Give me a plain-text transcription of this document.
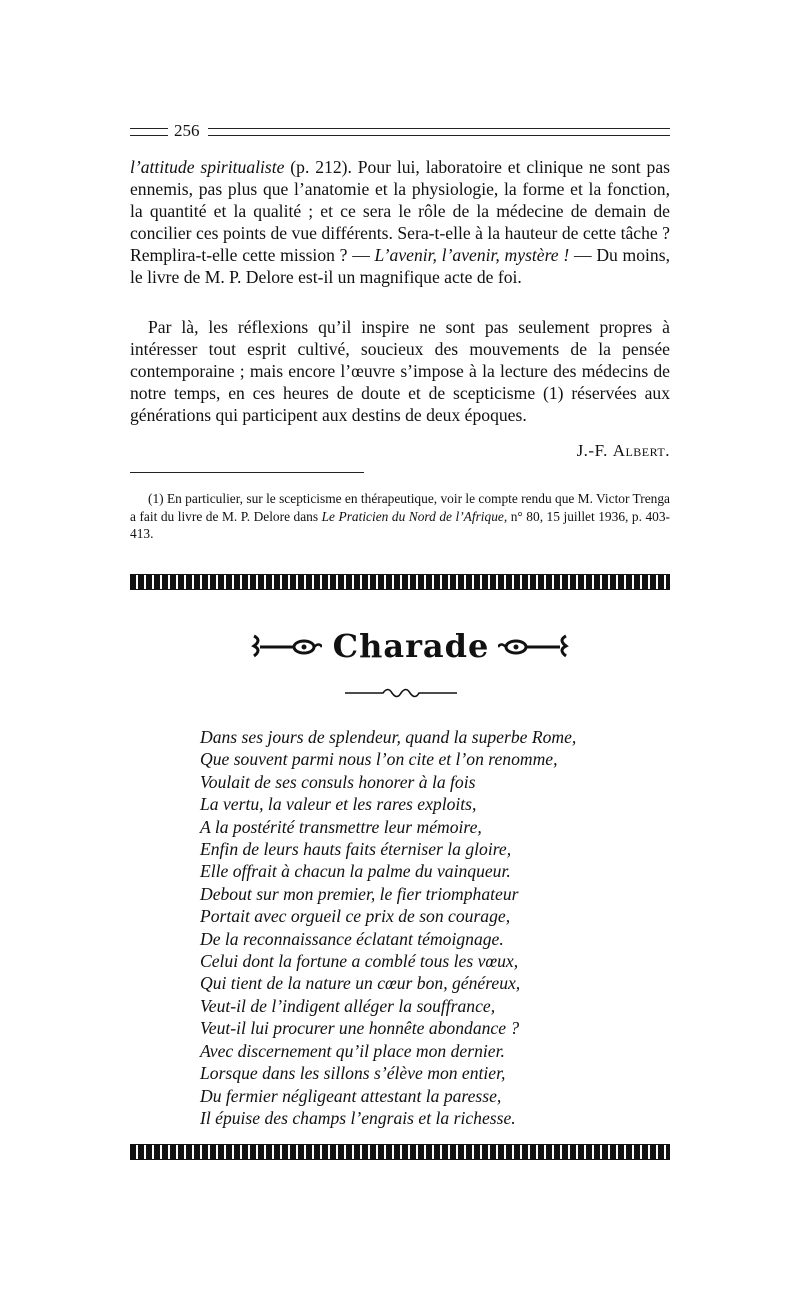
256

l’attitude spiritualiste (p. 212). Pour lui, laboratoire et clinique ne sont pas ennemis, pas plus que l’anatomie et la physiologie, la forme et la fonction, la quantité et la qualité ; et ce sera le rôle de la médecine de demain de concilier ces points de vue différents. Sera-t-elle à la hauteur de cette tâche ? Remplira-t-elle cette mission ? — L’avenir, l’avenir, mystère ! — Du moins, le livre de M. P. Delore est-il un magnifique acte de foi.

Par là, les réflexions qu’il inspire ne sont pas seulement propres à intéresser tout esprit cultivé, soucieux des mouvements de la pensée contemporaine ; mais encore l’œuvre s’impose à la lecture des médecins de notre temps, en ces heures de doute et de scepticisme (1) réservées aux générations qui participent aux destins de deux époques.

J.-F. Albert.

(1) En particulier, sur le scepticisme en thérapeutique, voir le compte rendu que M. Victor Trenga a fait du livre de M. P. Delore dans Le Praticien du Nord de l’Afrique, n° 80, 15 juillet 1936, p. 403-413.

Charade
Dans ses jours de splendeur, quand la superbe Rome,
Que souvent parmi nous l’on cite et l’on renomme,
Voulait de ses consuls honorer à la fois
La vertu, la valeur et les rares exploits,
A la postérité transmettre leur mémoire,
Enfin de leurs hauts faits éterniser la gloire,
Elle offrait à chacun la palme du vainqueur.
Debout sur mon premier, le fier triomphateur
Portait avec orgueil ce prix de son courage,
De la reconnaissance éclatant témoignage.
Celui dont la fortune a comblé tous les vœux,
Qui tient de la nature un cœur bon, généreux,
Veut-il de l’indigent alléger la souffrance,
Veut-il lui procurer une honnête abondance ?
Avec discernement qu’il place mon dernier.
Lorsque dans les sillons s’élève mon entier,
Du fermier négligeant attestant la paresse,
Il épuise des champs l’engrais et la richesse.
